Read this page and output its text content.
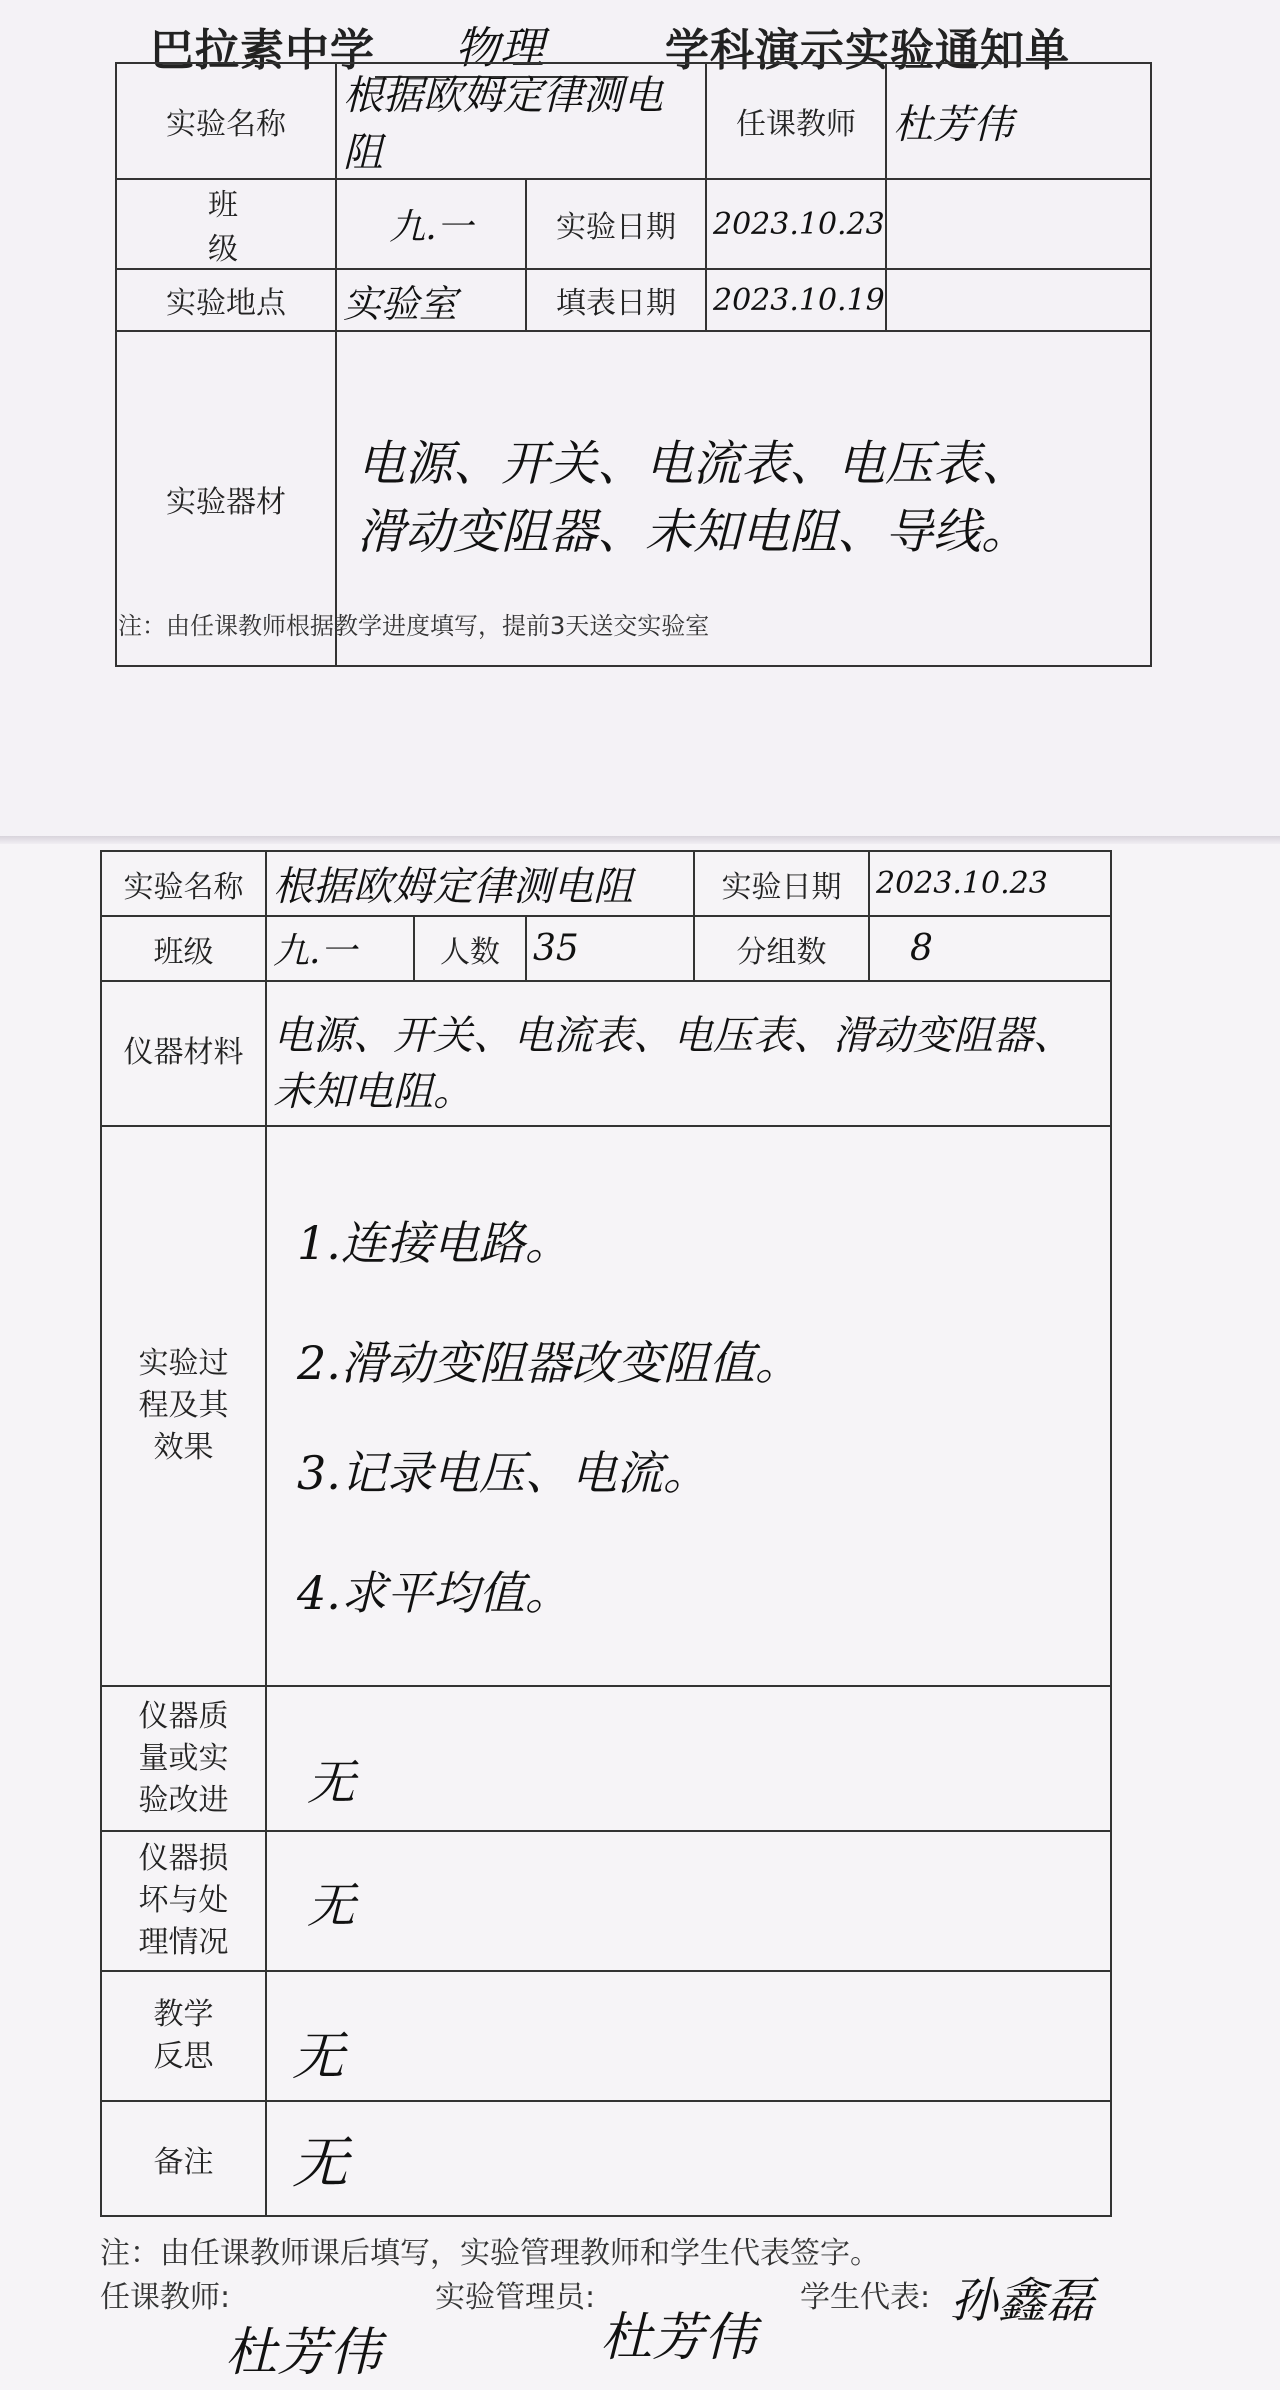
巴拉素中学 物理	学科演示实验通知单
实验名称	根据欧姆定律测电阻		任课教师	杜芳伟
班 级	九.一	实验日期	2023.10.23	
实验地点	实验室	填表日期	2023.10.19	
实验器材	电源、开关、电流表、电压表、
滑动变阻器、未知电阻、导线。			
注：由任课教师根据教学进度填写，提前3天送交实验室
实验名称	根据欧姆定律测电阻			实验日期	2023.10.23
班级	九.一	人数	35	分组数	8
仪器材料	电源、开关、电流表、电压表、滑动变阻器、
未知电阻。				

实验过程及其效果	1.连接电路。
2.滑动变阻器改变阻值。
3.记录电压、电流。
4.求平均值。				

仪器质量或实验改进	无				
仪器损坏与处理情况	无				
教学反思	无				
备注	无				
注：由任课教师课后填写，实验管理教师和学生代表签字。
任课教师:
杜芳伟
实验管理员:
杜芳伟
学生代表: 孙鑫磊
